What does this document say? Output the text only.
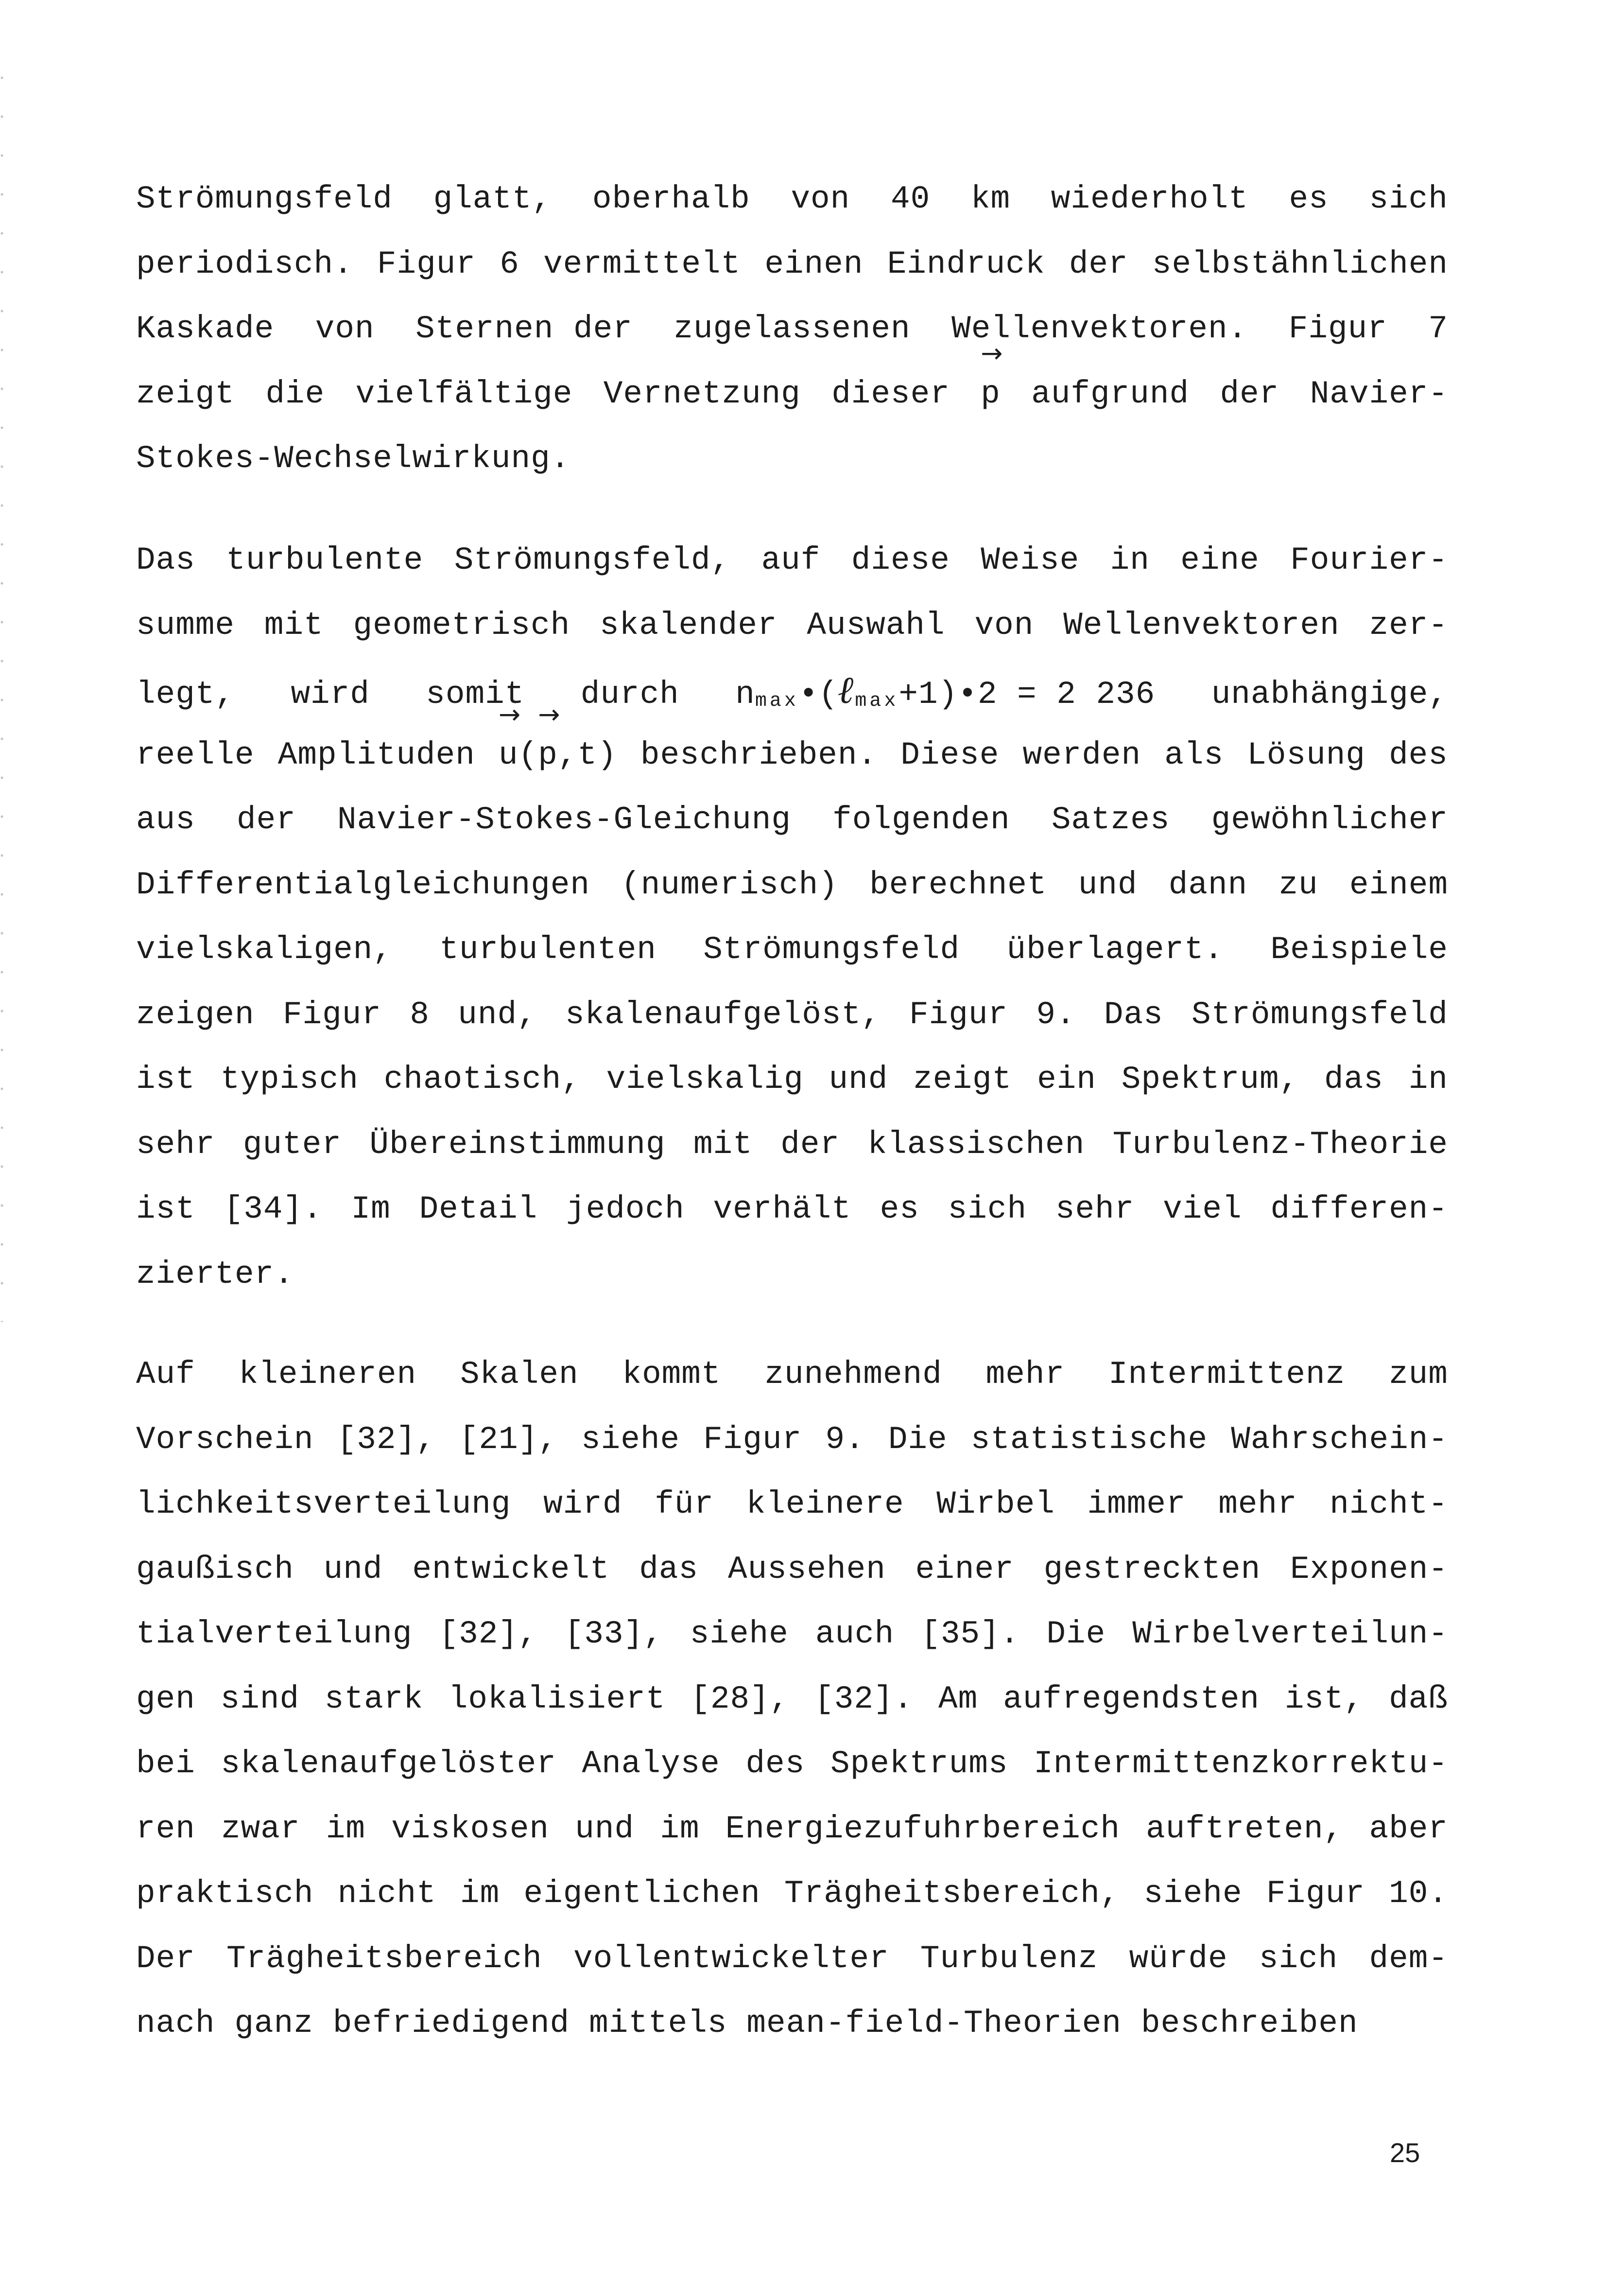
Strömungsfeld glatt, oberhalb von 40 km wiederholt es sich
periodisch. Figur 6 vermittelt einen Eindruck der selbstähnlichen
Kaskade von Sternen der zugelassenen Wellenvektoren. Figur 7
zeigt die vielfältige Vernetzung dieser → p aufgrund der Navier-
Stokes-Wechselwirkung.
Das turbulente Strömungsfeld, auf diese Weise in eine Fourier-
summe mit geometrisch skalender Auswahl von Wellenvektoren zer-
legt, wird somit durch nmax•(ℓmax+1)•2 = 2 236 unabhängige,
reelle Amplituden → u(→ p,t) beschrieben. Diese werden als Lösung des
aus der Navier-Stokes-Gleichung folgenden Satzes gewöhnlicher
Differentialgleichungen (numerisch) berechnet und dann zu einem
vielskaligen, turbulenten Strömungsfeld überlagert. Beispiele
zeigen Figur 8 und, skalenaufgelöst, Figur 9. Das Strömungsfeld
ist typisch chaotisch, vielskalig und zeigt ein Spektrum, das in
sehr guter Übereinstimmung mit der klassischen Turbulenz-Theorie
ist [34]. Im Detail jedoch verhält es sich sehr viel differen-
zierter.
Auf kleineren Skalen kommt zunehmend mehr Intermittenz zum
Vorschein [32], [21], siehe Figur 9. Die statistische Wahrschein-
lichkeitsverteilung wird für kleinere Wirbel immer mehr nicht-
gaußisch und entwickelt das Aussehen einer gestreckten Exponen-
tialverteilung [32], [33], siehe auch [35]. Die Wirbelverteilun-
gen sind stark lokalisiert [28], [32]. Am aufregendsten ist, daß
bei skalenaufgelöster Analyse des Spektrums Intermittenzkorrektu-
ren zwar im viskosen und im Energiezufuhrbereich auftreten, aber
praktisch nicht im eigentlichen Trägheitsbereich, siehe Figur 10.
Der Trägheitsbereich vollentwickelter Turbulenz würde sich dem-
nach ganz befriedigend mittels mean-field-Theorien beschreiben
25
